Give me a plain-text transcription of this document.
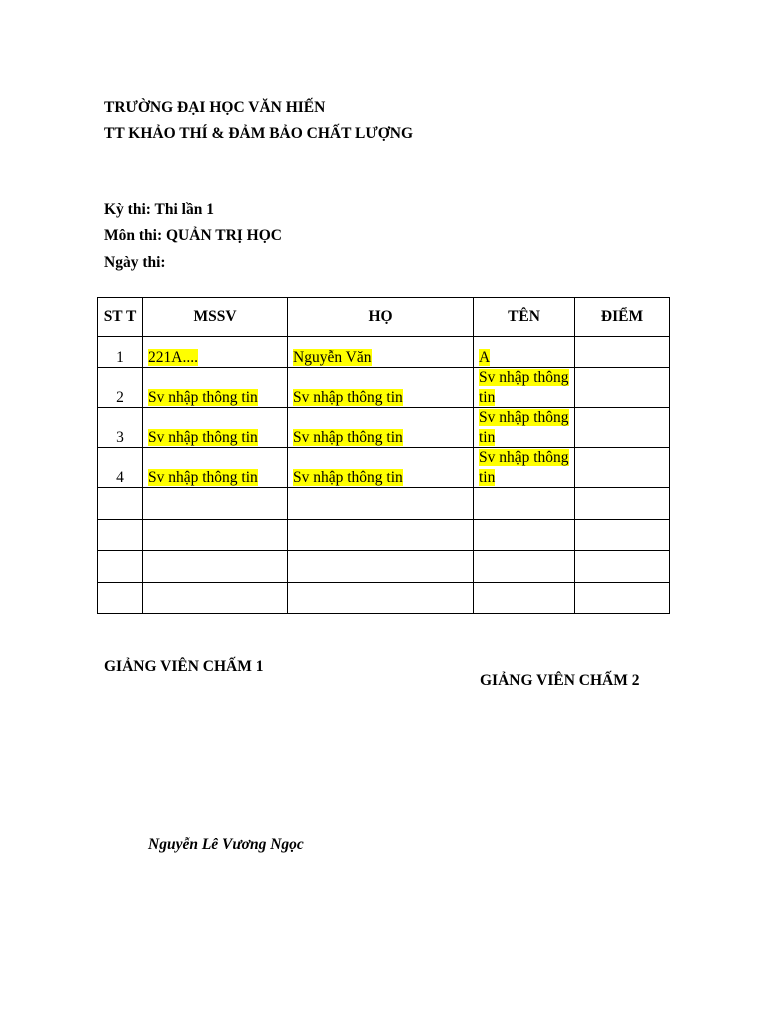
TRƯỜNG ĐẠI HỌC VĂN HIẾN
TT KHẢO THÍ & ĐẢM BẢO CHẤT LƯỢNG
Kỳ thi: Thi lần 1
Môn thi: QUẢN TRỊ HỌC
Ngày thi:
ST T	MSSV	HỌ	TÊN	ĐIỂM
1	221A....	Nguyễn Văn	A	
2	Sv nhập thông tin	Sv nhập thông tin	Sv nhập thông tin	
3	Sv nhập thông tin	Sv nhập thông tin	Sv nhập thông tin	
4	Sv nhập thông tin	Sv nhập thông tin	Sv nhập thông tin	

GIẢNG VIÊN CHẤM 1
GIẢNG VIÊN CHẤM 2
Nguyễn Lê Vương Ngọc
